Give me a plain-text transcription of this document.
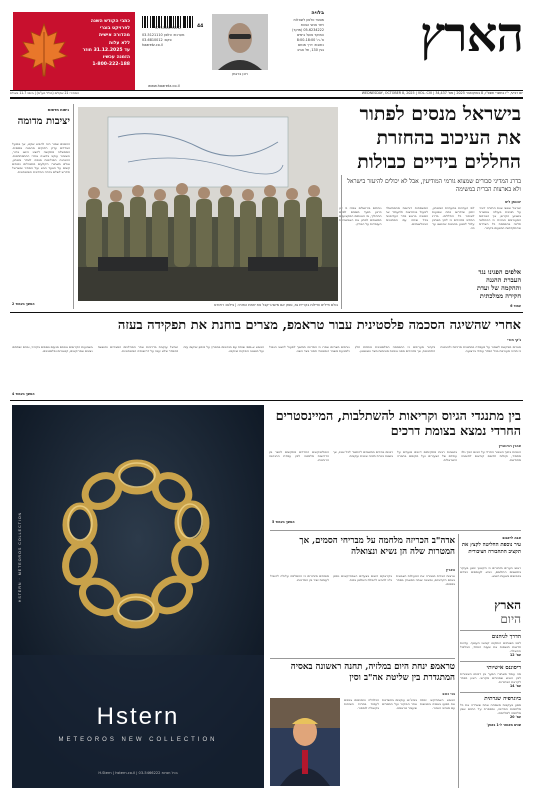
הארץ
בלויה
מספר טלפון לשאלות
ויתר אנשי הצוות
05-6234222 (מוקד)
המוקד פועל בימים
א'-ה' 8:00-18:00
כתובת: דרך מנחם
בגין 130, תל אביב
רונן ברגמן
9771565294012	44
מערכת: טלפון 03-5121110
פקס: 03-6810012
haaretz.co.il
www.haaretz.co.il
כתבי הקודש השנה
לפרויקט בוגרי
מהדורה אישית
ללא עלות
עד 31.12.2025 חוזר
הזמנה עכשיו
1-800-222-188
יום רביעי, י"ז בתשרי תשפ"ו, 8 באוקטובר 2025 | מס' 34,437 | WEDNESDAY, OCTOBER 8, 2025 | VOL. CVI
המחיר: 21 שקלים (כולל מע"מ) | ביום: 11.7 באילת
בישראל מנסים לפתור את העיכוב בהחזרת החללים בידיים כבולות
בדרג המדיני סבורים שמצוא גורמי המודיעין, אבל לא יכולים להיעזר בישראל ולא בארצות הברית במשימה
בולם חיילים וחיילות בקריית גת, ספק אם מישהו יקבל את יוזמת החזרה | צילום: רויטרס
יהונתן ליס
ישראל ואנשי צוות החזרה דיברו על תוכנית פעולה אפשרית בשבוע הקרוב, אך הגורמים המעורבים הבהירו כי ההחלטה תלויה בהסכמת כל הצדדים ובהתקדמות המגעים בקהיר.
לפי הערכות במערכת הביטחון, ייתכן שיידרשו כמה שבועות לאיתור כל החללים. בדרג המדיני מזהירים כי לחץ מבחוץ עלול לפגוע בהבנות שהושגו עד כה.
המשפחות דורשות מהממשלה לפעול בנחרצות ולהעמיד את הסוגיה בראש סדר העדיפויות בכל שיחה עם המתווכים הבינלאומיים.
גורמים בירושלים אמרו כי אין כרגע מועד מוסכם לסיום התהליך, וכי הצוותים המקצועיים ממשיכים לבחון את האפשרויות העומדות על הפרק.
אלפים הפגינו נגד העברת ההגנה וההקמה של ועדת חקירה ממלכתית
עמוד 6
ניתוח חדשות
יציבות מדומה
ההסכם אמור היה להביא שקט, אך בפועל הצדדים עדיין רחוקים מהבנה בסיסית. הממשלה מתקשה להציג הישג ברור, והציבור עוקב בדאגה אחרי ההתפתחויות. ההנהגה הפוליטית מנסה לשדר ביטחון, אולם מאחורי הקלעים מתנהלים ויכוחים קשים על הצעד הבא ועל המחיר שישראל תידרש לשלם בזירה המדינית והביטחונית.
המשך בעמוד 2
אחרי שהשיגה הסכמה פלסטינית עבור טראמפ, מצרים בוחנת את תפקידה בעזה
ג'קי חורי
מצרים מבקשת לשמור על מעמדה כמתווכת מרכזית ולהבטיח כי תהיה מעורבת בכל הסדר עתידי ברצועה.
בקהיר מעריכים כי ההסכמה הפלסטינית פותחת חלון הזדמנויות, אך מזהירים מפני ציפיות מוגזמות מצד וושינגטון.
גורמים מצריים אמרו כי המדינה תמשיך לפעול לייצוב הגבול ולמניעת משבר הומניטרי חמור בצד השני.
הנשיא א-סיסי שוחח עם מנהיגים במפרץ על מימון שיקום עזה ועל מנגנוני הפיקוח שיוקמו.
ישראל עוקבת בדריכות אחר המהלכים המצריים וחוששת מהסדר שלא יענה על דרישותיה הביטחוניות.
בשבועות הקרובים צפויים מגעים נוספים בקהיר, ובהם ישתתפו נציגים אמריקאים, קטארים ופלסטינים.
המשך בעמוד 4
Hstern
METEOROS NEW COLLECTION
HSTERN · METEOROS COLLECTION
בכל חנויות H.Stern | hstern.co.il | 03-5466222
בין מתנגדי הגיוס וקריאות להשתלבות, המיינסטרים החרדי נמצא בצומת דרכים
אהרן רבינוביץ
הוויכוח בתוך הציבור החרדי על הגיוס הפך גלוי מתמיד, וקולות חדשים קוראים לחשיבה מחודשת.
בישיבות רבות מתקיימים דיונים סוערים על עתידם של הצעירים ועל מקומם בחברה הישראלית.
רבנים בכירים ממשיכים להתנגד לכל שינוי, אך בשטח ניכרת תזוזה איטית ועקבית.
הפוליטיקאים החרדים מתקשים לגשר בין הדרישות מלמטה לבין עמדת ההנהגה הרוחנית.
המשך בעמוד 5
אדה"ב הכריזה מלחמה על מבריחי הסמים, אך המטרות שלה הן נשיא ונצואלה
הארץ
ארצות הברית מגבירה את הפעילות הצבאית באיים הקריביים, ומציגה אותה כמאבק בסחר בסמים.
בקראקס רואים בצעדים האמריקאיים ניסיון גלוי להביא להפלת השלטון בכוח.
מומחים מזהירים כי ההסלמה עלולה להוביל לעימות ישיר בין המדינות.
טראמפ ינחת היום במלזיה, תחנה ראשונה באסיה המתגדרת בין שליטת אה"ב וסין
בני כוכב
הנשיא האמריקאי יפתח את מסעו באסיה בפגישות עם מנהיגי האזור.
בבייג'ינג עוקבים בחשדנות אחר הביקור ועל המסרים שיעביר טראמפ.
הכלכלה והמכסים צפויים לעמוד במרכז השיחות בקואלה לומפור.
אנה ליאנוב
עיר נוספת החליטה לקצץ את תקציב התחבורה הציבורית
ראשי הערים מזהירים כי הקיצוץ יפגע בעיקר בתושבים החלשים, ויביא לעומסים כבדים בכבישים בשעות השיא.
הארץ
היום
הדרך לגיהנום
לפני כשנתיים הותקפו קיבוצי העוטף. עדויות חדשות חושפות את שעות הפחד, הבלבול וההצלה.
עמ' 12
דיסוננס אישיותי
מה עומד מאחורי הפער בין דמותו הציבורית לבין האיש שמכירים מקרוב. ראיון מיוחד לקראת הבחירות.
עמ' 14
ביוגרפיה שגרתית
מסע בעקבות משפחה אחת ששרדה את כל מלחמות המדינה, ומספרת על החיים שבין מלחמה למלחמה.
עמ' 20
שנים מאוחר ל-1 באוק'
